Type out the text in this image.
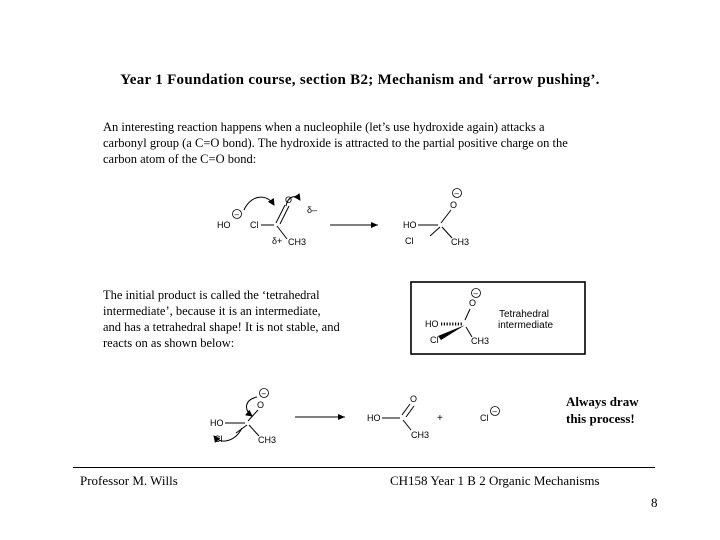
Year 1 Foundation course, section B2; Mechanism and ‘arrow pushing’.
An interesting reaction happens when a nucleophile (let’s use hydroxide again) attacks a
carbonyl group (a C=O bond). The hydroxide is attracted to the partial positive charge on the
carbon atom of the C=O bond:
The initial product is called the ‘tetrahedral
intermediate’, because it is an intermediate,
and has a tetrahedral shape! It is not stable, and
reacts on as shown below:
Always draw
this process!
HO
–
Cl
O
CH3
δ–
δ+
–
O
HO
Cl	CH3
–
O
HO
Cl	CH3
Tetrahedral
intermediate
–
O
HO
Cl	CH3
HO
O
CH3
+	Cl
–
Professor M. Wills	CH158 Year 1 B 2 Organic Mechanisms
8
